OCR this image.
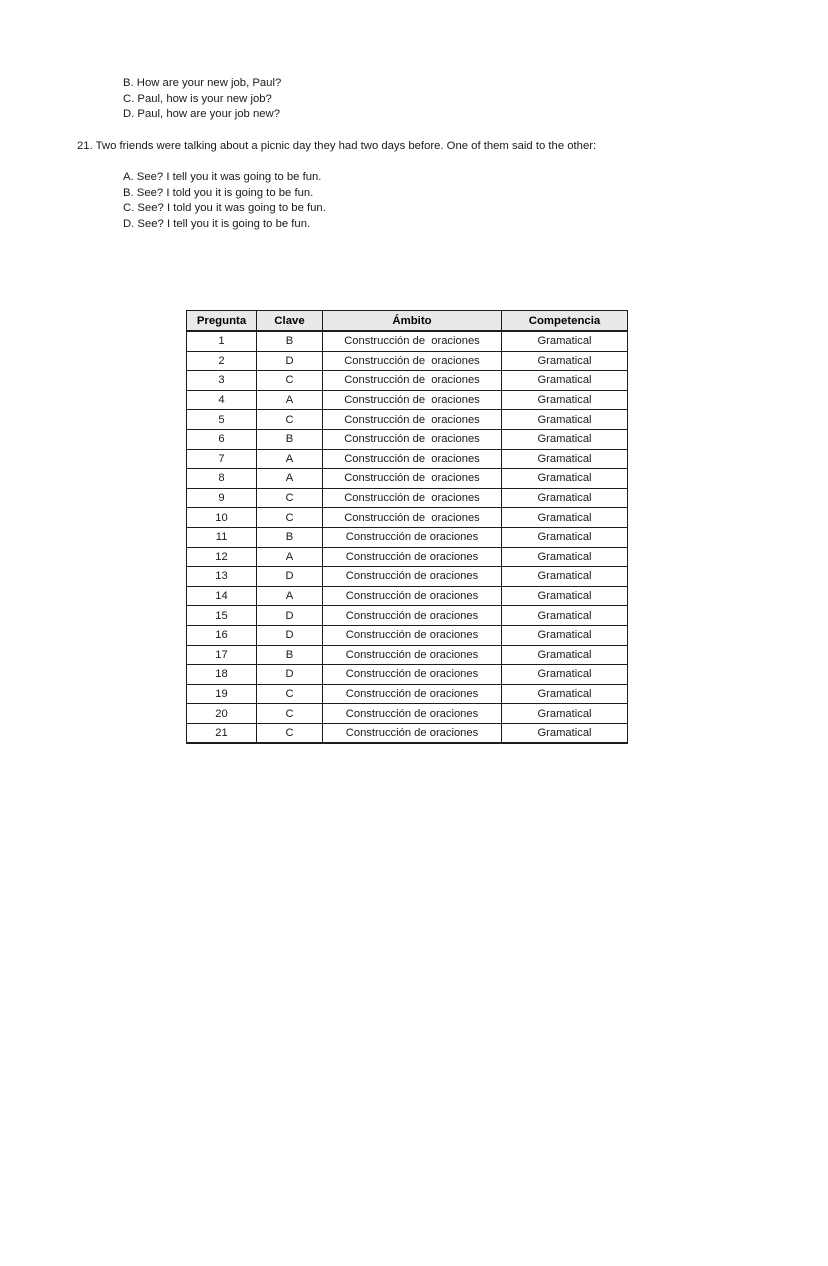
B. How are your new job, Paul?
C. Paul, how is your new job?
D. Paul, how are your job new?
21. Two friends were talking about a picnic day they had two days before. One of them said to the other:
A. See? I tell you it was going to be fun.
B. See? I told you it is going to be fun.
C. See? I told you it was going to be fun.
D. See? I tell you it is going to be fun.
Pregunta	Clave	Ámbito	Competencia
1	B	Construcción de  oraciones	Gramatical
2	D	Construcción de  oraciones	Gramatical
3	C	Construcción de  oraciones	Gramatical
4	A	Construcción de  oraciones	Gramatical
5	C	Construcción de  oraciones	Gramatical
6	B	Construcción de  oraciones	Gramatical
7	A	Construcción de  oraciones	Gramatical
8	A	Construcción de  oraciones	Gramatical
9	C	Construcción de  oraciones	Gramatical
10	C	Construcción de  oraciones	Gramatical
11	B	Construcción de oraciones	Gramatical
12	A	Construcción de oraciones	Gramatical
13	D	Construcción de oraciones	Gramatical
14	A	Construcción de oraciones	Gramatical
15	D	Construcción de oraciones	Gramatical
16	D	Construcción de oraciones	Gramatical
17	B	Construcción de oraciones	Gramatical
18	D	Construcción de oraciones	Gramatical
19	C	Construcción de oraciones	Gramatical
20	C	Construcción de oraciones	Gramatical
21	C	Construcción de oraciones	Gramatical
